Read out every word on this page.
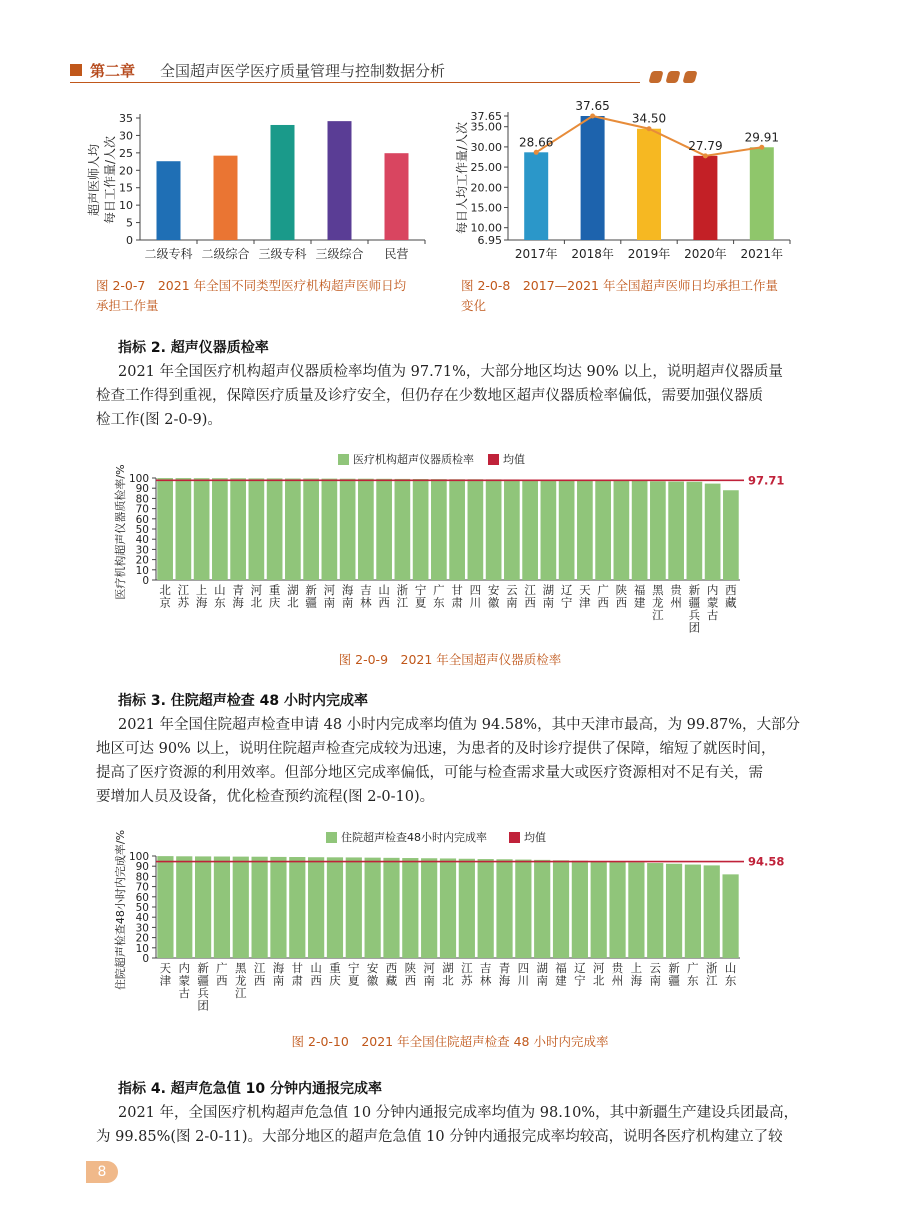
第二章 全国超声医学医疗质量管理与控制数据分析
0
5
10
15
20
25
30
35
二级专科 二级综合 三级专科 三级综合 民营
超声医师人均 每日工作量/人次
图 2-0-7　2021 年全国不同类型医疗机构超声医师日均
承担工作量
6.95
10.00
15.00
20.00
25.00
30.00
35.00
37.65
2017年 2018年 2019年 2020年 2021年
28.66
37.65
34.50
27.79
29.91
每日人均工作量/人次
图 2-0-8　2017—2021 年全国超声医师日均承担工作量
变化
指标 2. 超声仪器质检率
2021 年全国医疗机构超声仪器质检率均值为 97.71%，大部分地区均达 90% 以上，说明超声仪器质量
检查工作得到重视，保障医疗质量及诊疗安全，但仍存在少数地区超声仪器质检率偏低，需要加强仪器质
检工作(图 2-0-9)。
医疗机构超声仪器质检率	均值
0
10
20
30
40
50
60
70
80
90
100
北
京
江
苏
上
海
山
东
青
海
河
北
重
庆
湖
北
新
疆
河
南
海
南
吉
林
山
西
浙
江
宁
夏
广
东
甘
肃
四
川
安
徽
云
南
江
西
湖
南
辽
宁
天
津
广
西
陕
西
福
建
黑
龙
江
贵
州
新
疆
兵
团
内
蒙
古
西
藏
97.71
医疗机构超声仪器质检率/%
图 2-0-9　2021 年全国超声仪器质检率
指标 3. 住院超声检查 48 小时内完成率
2021 年全国住院超声检查申请 48 小时内完成率均值为 94.58%，其中天津市最高，为 99.87%，大部分
地区可达 90% 以上，说明住院超声检查完成较为迅速，为患者的及时诊疗提供了保障，缩短了就医时间，
提高了医疗资源的利用效率。但部分地区完成率偏低，可能与检查需求量大或医疗资源相对不足有关，需
要增加人员及设备，优化检查预约流程(图 2-0-10)。
住院超声检查48小时内完成率	均值
0
10
20
30
40
50
60
70
80
90
100
天
津
内
蒙
古
新
疆
兵
团
广
西
黑
龙
江
江
西
海
南
甘
肃
山
西
重
庆
宁
夏
安
徽
西
藏
陕
西
河
南
湖
北
江
苏
吉
林
青
海
四
川
湖
南
福
建
辽
宁
河
北
贵
州
上
海
云
南
新
疆
广
东
浙
江
山
东
94.58
住院超声检查48小时内完成率/%
图 2-0-10　2021 年全国住院超声检查 48 小时内完成率
指标 4. 超声危急值 10 分钟内通报完成率
2021 年，全国医疗机构超声危急值 10 分钟内通报完成率均值为 98.10%，其中新疆生产建设兵团最高，
为 99.85%(图 2-0-11)。大部分地区的超声危急值 10 分钟内通报完成率均较高，说明各医疗机构建立了较
8
